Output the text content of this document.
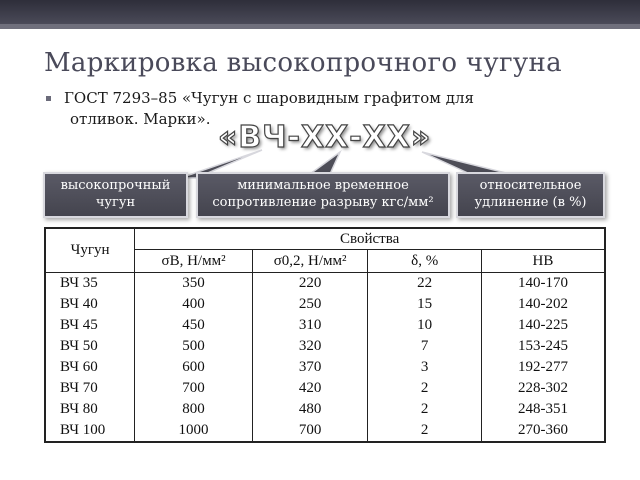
Маркировка высокопрочного чугуна
ГОСТ 7293–85 «Чугун с шаровидным графитом для
отливок. Марки».
«ВЧ-ХХ-ХХ»
высокопрочный чугун
минимальное временное сопротивление разрыву кгс/мм²
относительное удлинение (в %)
Чугун	Свойства			
	σB, Н/мм²	σ0,2, Н/мм²	δ, %	НВ
ВЧ 35	350	220	22	140-170
ВЧ 40	400	250	15	140-202
ВЧ 45	450	310	10	140-225
ВЧ 50	500	320	7	153-245
ВЧ 60	600	370	3	192-277
ВЧ 70	700	420	2	228-302
ВЧ 80	800	480	2	248-351
ВЧ 100	1000	700	2	270-360
